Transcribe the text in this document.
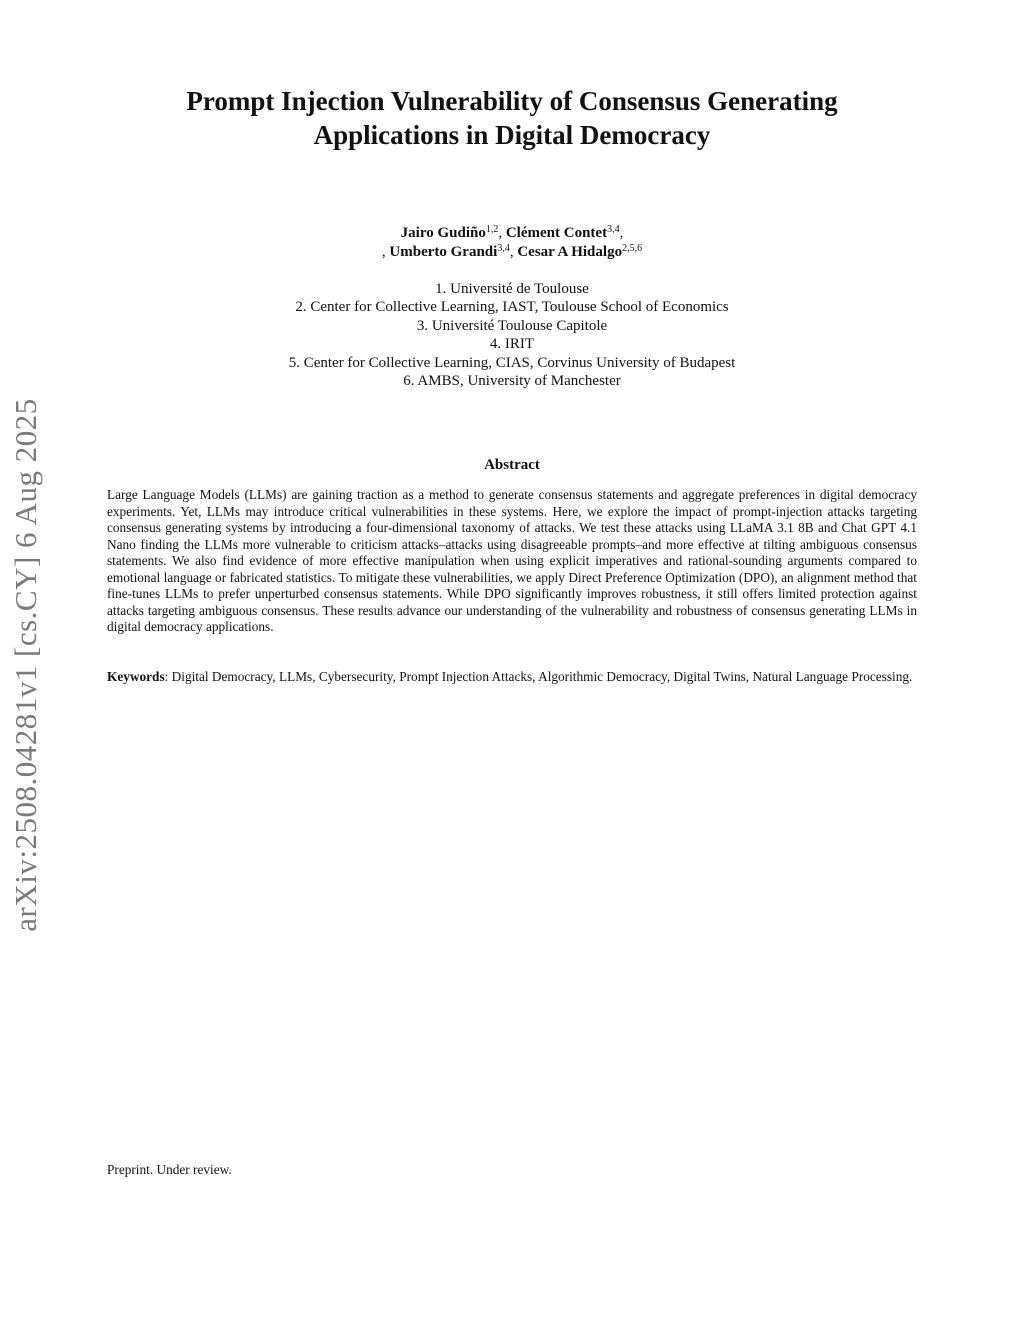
arXiv:2508.04281v1 [cs.CY] 6 Aug 2025
Prompt Injection Vulnerability of Consensus Generating
Applications in Digital Democracy
Jairo Gudiño$^{1,2}$, Clément Contet$^{3,4}$,
, Umberto Grandi$^{3,4}$, Cesar A Hidalgo$^{2,5,6}$
1. Université de Toulouse
2. Center for Collective Learning, IAST, Toulouse School of Economics
3. Université Toulouse Capitole
4. IRIT
5. Center for Collective Learning, CIAS, Corvinus University of Budapest
6. AMBS, University of Manchester
Abstract
Large Language Models (LLMs) are gaining traction as a method to generate consensus statements and aggregate preferences in digital democracy experiments. Yet, LLMs may introduce critical vulnerabilities in these systems. Here, we explore the impact of prompt-injection attacks targeting consensus generating systems by introducing a four-dimensional taxonomy of attacks. We test these attacks using LLaMA 3.1 8B and Chat GPT 4.1 Nano finding the LLMs more vulnerable to criticism attacks–attacks using disagreeable prompts–and more effective at tilting ambiguous consensus statements. We also find evidence of more effective manipulation when using explicit imperatives and rational-sounding arguments compared to emotional language or fabricated statistics. To mitigate these vulnerabilities, we apply Direct Preference Optimization (DPO), an alignment method that fine-tunes LLMs to prefer unperturbed consensus statements. While DPO significantly improves robustness, it still offers limited protection against attacks targeting ambiguous consensus. These results advance our understanding of the vulnerability and robustness of consensus generating LLMs in digital democracy applications.
Keywords: Digital Democracy, LLMs, Cybersecurity, Prompt Injection Attacks, Algorithmic Democracy, Digital Twins, Natural Language Processing.
Preprint. Under review.
